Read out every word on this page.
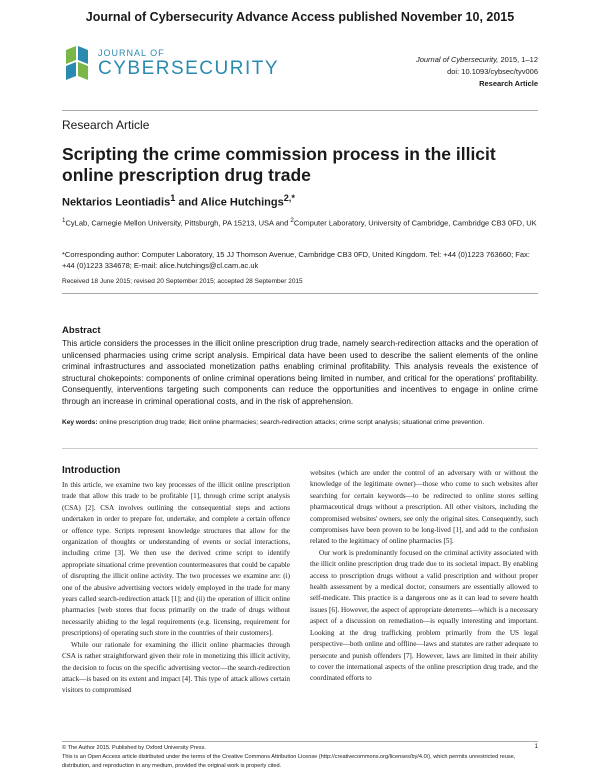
Journal of Cybersecurity Advance Access published November 10, 2015
JOURNAL OF
CYBERSECURITY	Journal of Cybersecurity, 2015, 1–12
doi: 10.1093/cybsec/tyv006
Research Article
Research Article
Scripting the crime commission process in the illicit online prescription drug trade
Nektarios Leontiadis$^1$ and Alice Hutchings$^{2,*}$
$^1$CyLab, Carnegie Mellon University, Pittsburgh, PA 15213, USA and $^2$Computer Laboratory, University of Cambridge, Cambridge CB3 0FD, UK
*Corresponding author: Computer Laboratory, 15 JJ Thomson Avenue, Cambridge CB3 0FD, United Kingdom. Tel: +44 (0)1223 763660; Fax: +44 (0)1223 334678; E-mail: alice.hutchings@cl.cam.ac.uk
Received 18 June 2015; revised 20 September 2015; accepted 28 September 2015
Abstract
This article considers the processes in the illicit online prescription drug trade, namely search-redirection attacks and the operation of unlicensed pharmacies using crime script analysis. Empirical data have been used to describe the salient elements of the online criminal infrastructures and associated monetization paths enabling criminal profitability. This analysis reveals the existence of structural chokepoints: components of online criminal operations being limited in number, and critical for the operations' profitability. Consequently, interventions targeting such components can reduce the opportunities and incentives to engage in online crime through an increase in criminal operational costs, and in the risk of apprehension.
Key words: online prescription drug trade; illicit online pharmacies; search-redirection attacks; crime script analysis; situational crime prevention.
Introduction

In this article, we examine two key processes of the illicit online prescription trade that allow this trade to be profitable [1], through crime script analysis (CSA) [2]. CSA involves outlining the consequential steps and actions undertaken in order to prepare for, undertake, and complete a certain offence or offence type. Scripts represent knowledge structures that allow for the organization of thoughts or understanding of events or social interactions, including crime [3]. We then use the derived crime script to identify appropriate situational crime prevention countermeasures that could be capable of disrupting the illicit online activity. The two processes we examine are: (i) one of the abusive advertising vectors widely employed in the trade for many years called search-redirection attack [1]; and (ii) the operation of illicit online pharmacies [web stores that focus primarily on the trade of drugs without necessarily abiding to the legal requirements (e.g. licensing, requirement for prescriptions) of operating such store in the countries of their customers].

While our rationale for examining the illicit online pharmacies through CSA is rather straightforward given their role in monetizing this illicit activity, the decision to focus on the specific advertising vector—the search-redirection attack—is based on its extent and impact [4]. This type of attack allows certain visitors to compromised

websites (which are under the control of an adversary with or without the knowledge of the legitimate owner)—those who come to such websites after searching for certain keywords—to be redirected to online stores selling pharmaceutical drugs without a prescription. All other visitors, including the compromised websites' owners, see only the original sites. Consequently, such compromises have been proven to be long-lived [1], and add to the confusion related to the legitimacy of online pharmacies [5].

Our work is predominantly focused on the criminal activity associated with the illicit online prescription drug trade due to its societal impact. By enabling access to prescription drugs without a valid prescription and without proper health assessment by a medical doctor, consumers are essentially allowed to self-medicate. This practice is a dangerous one as it can lead to severe health issues [6]. However, the aspect of appropriate deterrents—which is a necessary aspect of a discussion on remediation—is equally interesting and important. Looking at the drug trafficking problem primarily from the US legal perspective—both online and offline—laws and statutes are rather adequate to persecute and punish offenders [7]. However, laws are limited in their ability to cover the international aspects of the online prescription drug trade, and the coordinated efforts to

© The Author 2015. Published by Oxford University Press.
This is an Open Access article distributed under the terms of the Creative Commons Attribution License (http://creativecommons.org/licenses/by/4.0/), which permits unrestricted reuse, distribution, and reproduction in any medium, provided the original work is properly cited.
1
